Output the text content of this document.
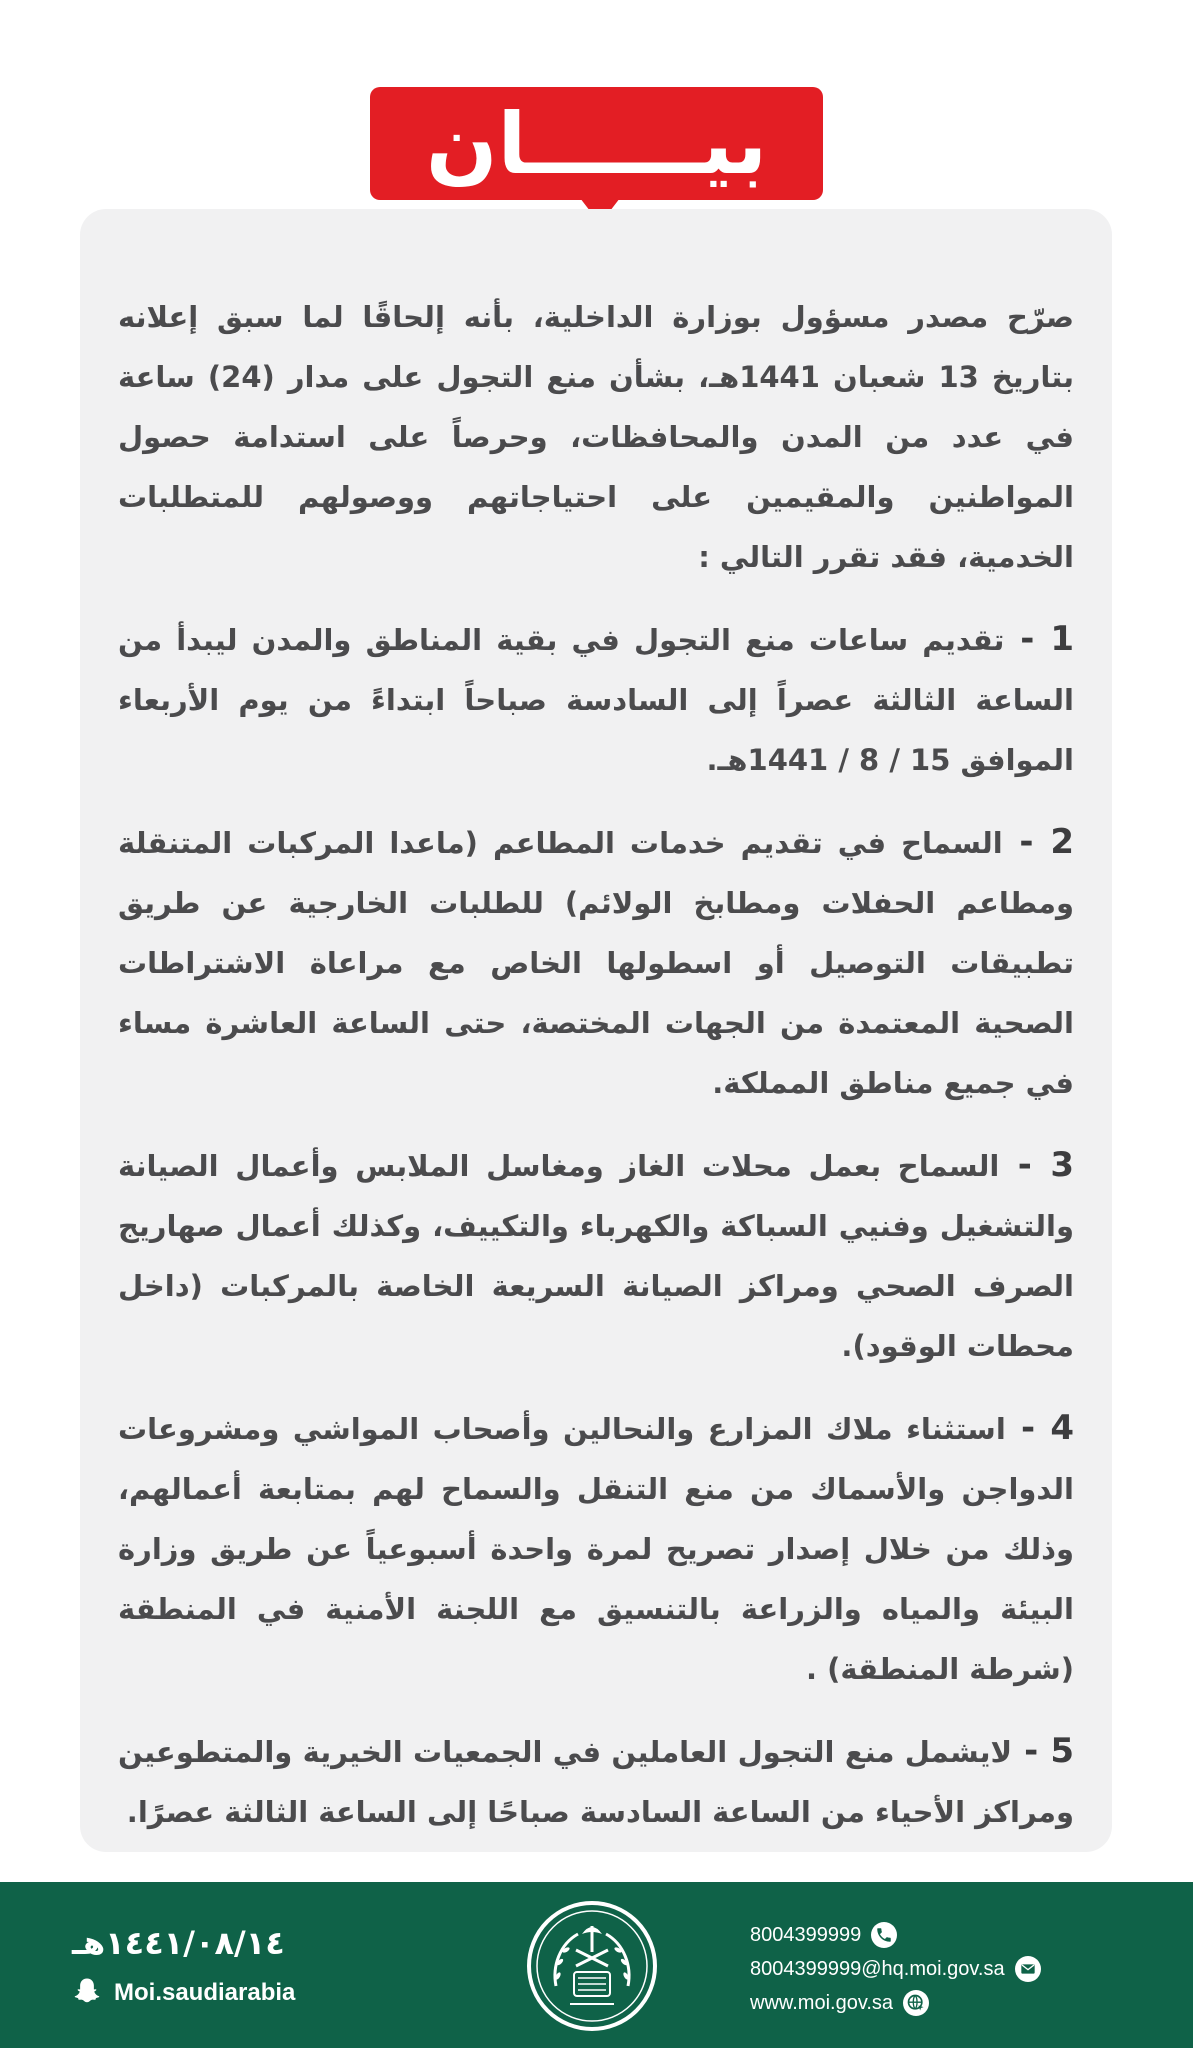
بيــــــان

صرّح مصدر مسؤول بوزارة الداخلية، بأنه إلحاقًا لما سبق إعلانه بتاريخ 13 شعبان 1441هـ، بشأن منع التجول على مدار (24) ساعة في عدد من المدن والمحافظات، وحرصاً على استدامة حصول المواطنين والمقيمين على احتياجاتهم ووصولهم للمتطلبات الخدمية، فقد تقرر التالي :

1 - تقديم ساعات منع التجول في بقية المناطق والمدن ليبدأ من الساعة الثالثة عصراً إلى السادسة صباحاً ابتداءً من يوم الأربعاء الموافق 15 / 8 / 1441هـ.

2 - السماح في تقديم خدمات المطاعم (ماعدا المركبات المتنقلة ومطاعم الحفلات ومطابخ الولائم) للطلبات الخارجية عن طريق تطبيقات التوصيل أو اسطولها الخاص مع مراعاة الاشتراطات الصحية المعتمدة من الجهات المختصة، حتى الساعة العاشرة مساء في جميع مناطق المملكة.

3 - السماح بعمل محلات الغاز ومغاسل الملابس وأعمال الصيانة والتشغيل وفنيي السباكة والكهرباء والتكييف، وكذلك أعمال صهاريج الصرف الصحي ومراكز الصيانة السريعة الخاصة بالمركبات (داخل محطات الوقود).

4 - استثناء ملاك المزارع والنحالين وأصحاب المواشي ومشروعات الدواجن والأسماك من منع التنقل والسماح لهم بمتابعة أعمالهم، وذلك من خلال إصدار تصريح لمرة واحدة أسبوعياً عن طريق وزارة البيئة والمياه والزراعة بالتنسيق مع اللجنة الأمنية في المنطقة (شرطة المنطقة) .

5 - لايشمل منع التجول العاملين في الجمعيات الخيرية والمتطوعين ومراكز الأحياء من الساعة السادسة صباحًا إلى الساعة الثالثة عصرًا.

8004399999
8004399999@hq.moi.gov.sa
www.moi.gov.sa
١٤٤١/٠٨/١٤هـ
Moi.saudiarabia
